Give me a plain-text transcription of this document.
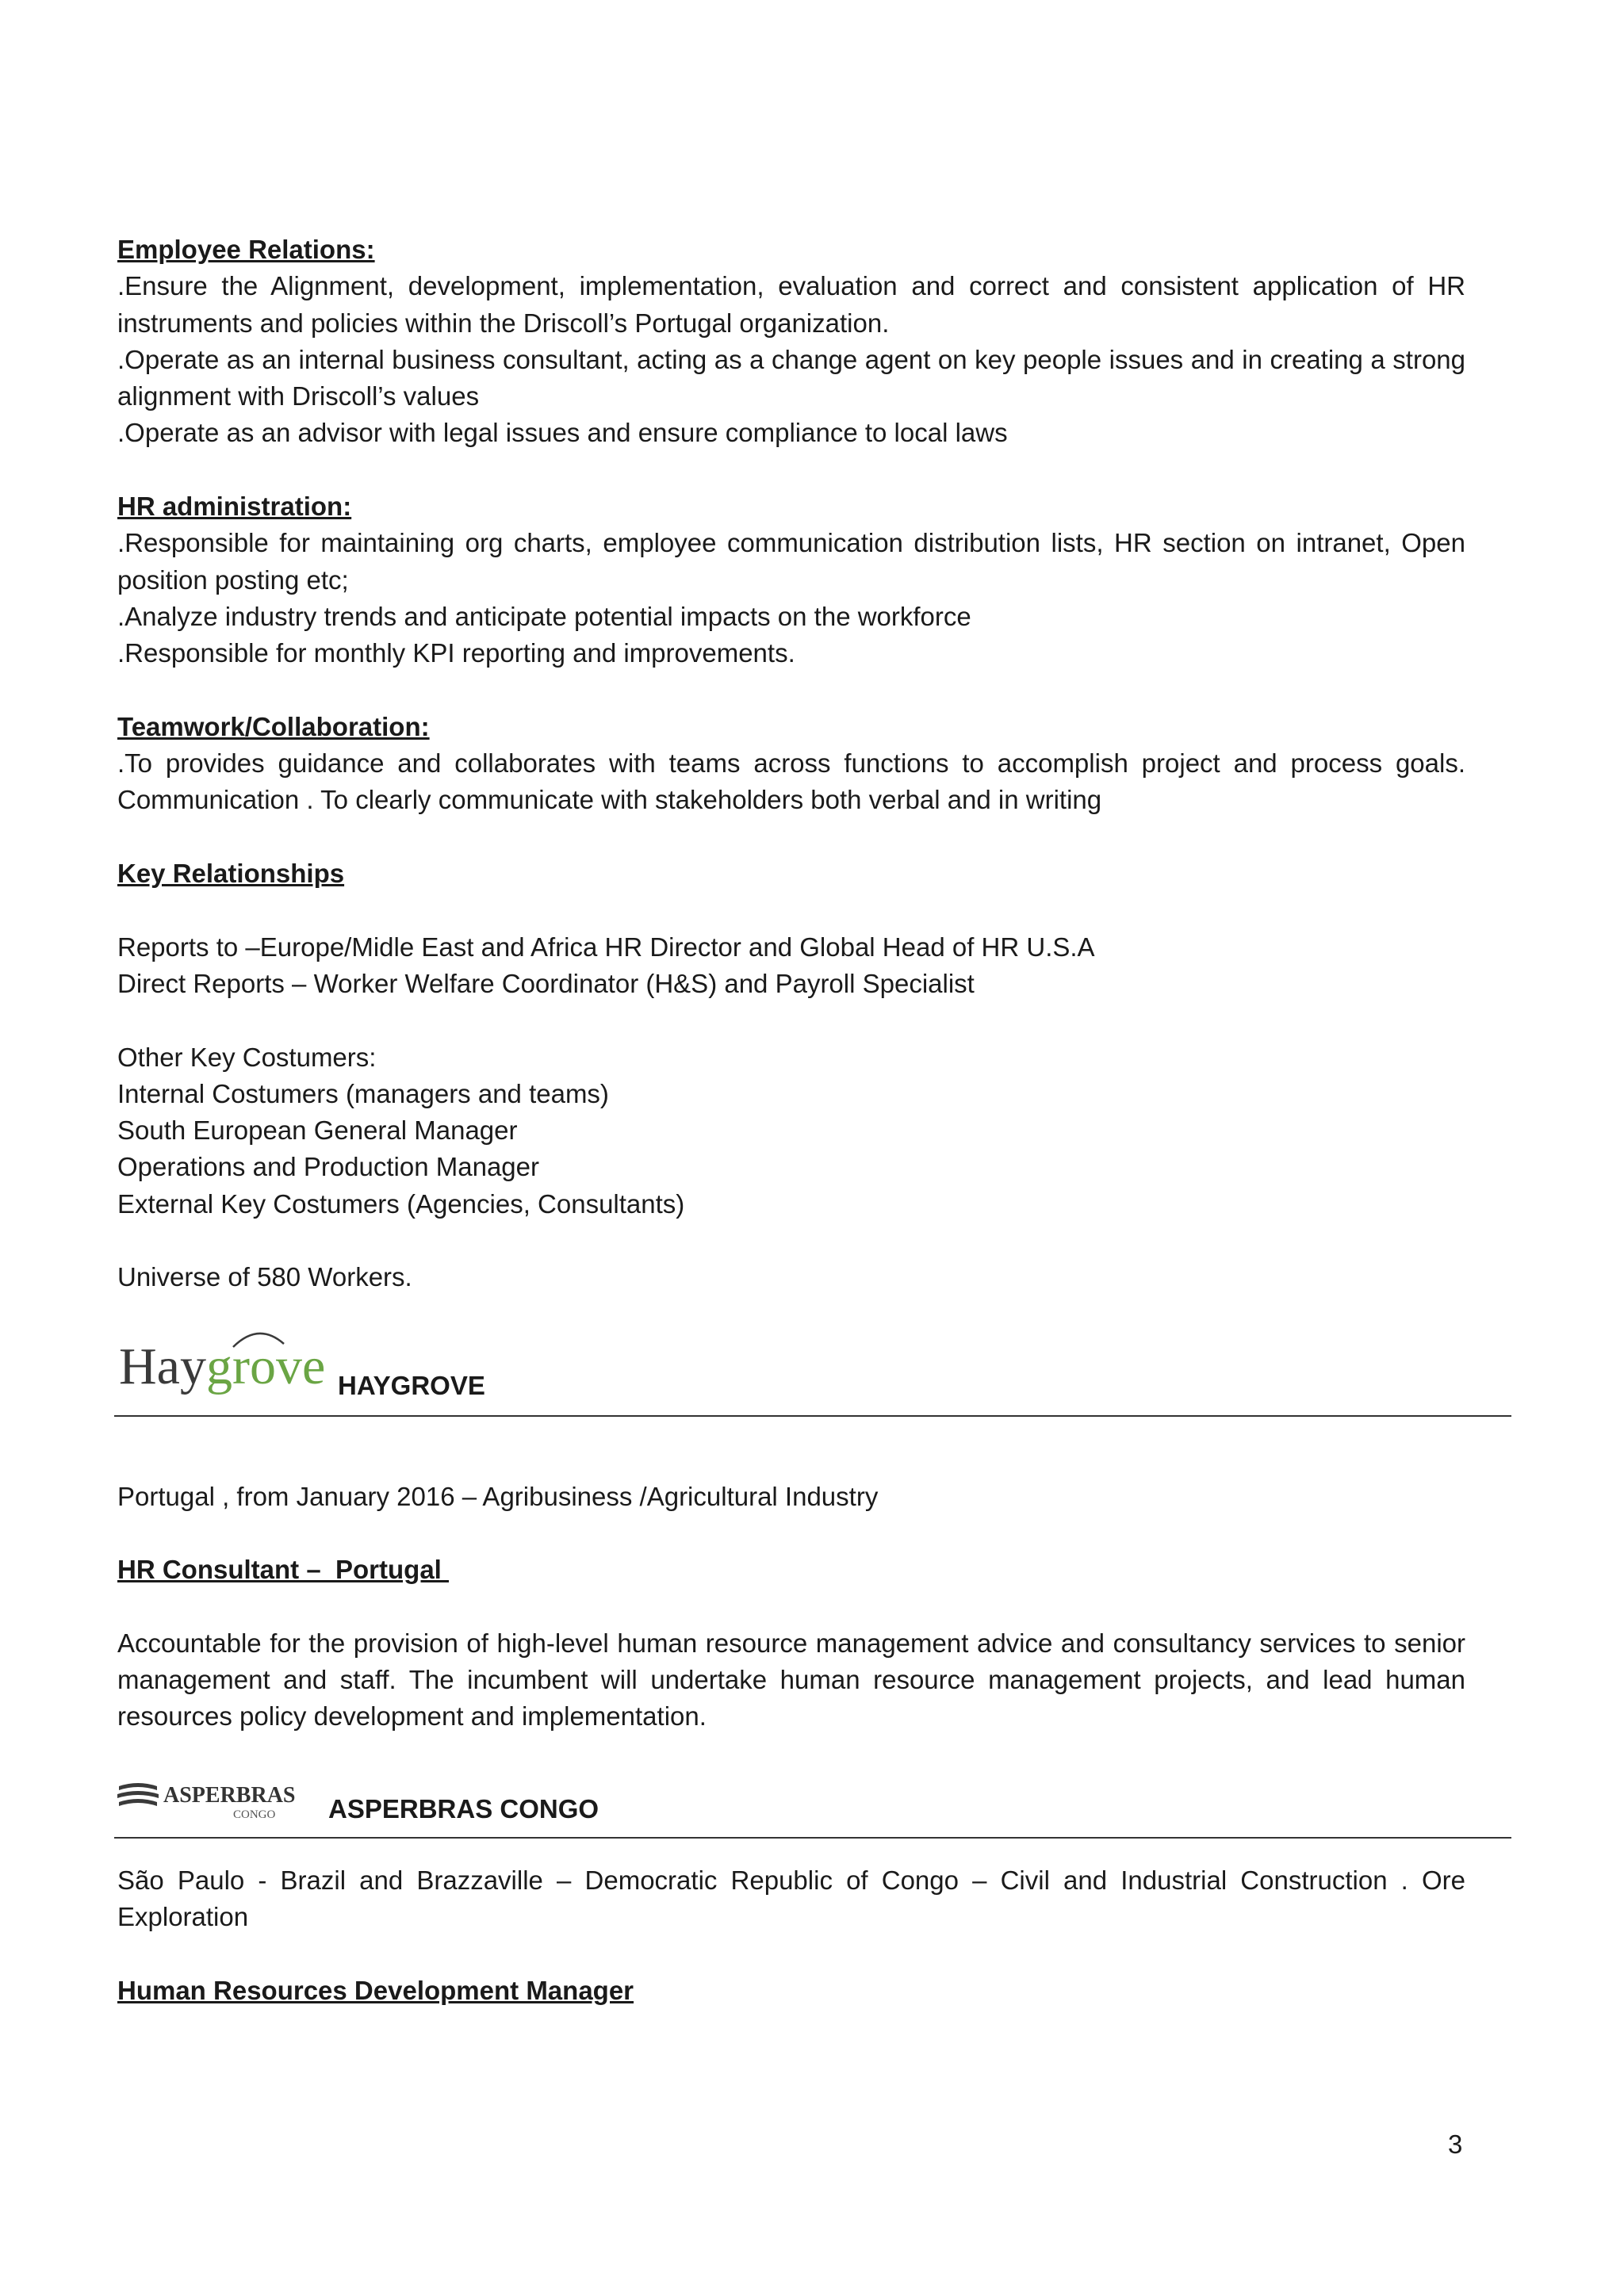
Employee Relations:

.Ensure the Alignment, development, implementation, evaluation and correct and consistent application of HR instruments and policies within the Driscoll’s Portugal organization.

.Operate as an internal business consultant, acting as a change agent on key people issues and in creating a strong alignment with Driscoll’s values

.Operate as an advisor with legal issues and ensure compliance to local laws

HR administration:

.Responsible for maintaining org charts, employee communication distribution lists, HR section on intranet, Open position posting etc;

.Analyze industry trends and anticipate potential impacts on the workforce

.Responsible for monthly KPI reporting and improvements.

Teamwork/Collaboration:

.To provides guidance and collaborates with teams across functions to accomplish project and process goals. Communication . To clearly communicate with stakeholders both verbal and in writing

Key Relationships

Reports to –Europe/Midle East and Africa HR Director and Global Head of HR U.S.A

Direct Reports – Worker Welfare Coordinator (H&S) and Payroll Specialist

Other Key Costumers:

Internal Costumers (managers and teams)

South European General Manager

Operations and Production Manager

External Key Costumers (Agencies, Consultants)

Universe of 580 Workers.

Hay grove HAYGROVE

Portugal , from January 2016 – Agribusiness /Agricultural Industry

HR Consultant –  Portugal

Accountable for the provision of high-level human resource management advice and consultancy services to senior management and staff. The incumbent will undertake human resource management projects, and lead human resources policy development and implementation.

ASPERBRAS
CONGO ASPERBRAS CONGO

São Paulo - Brazil and Brazzaville – Democratic Republic of Congo – Civil and Industrial Construction . Ore Exploration

Human Resources Development Manager

3
